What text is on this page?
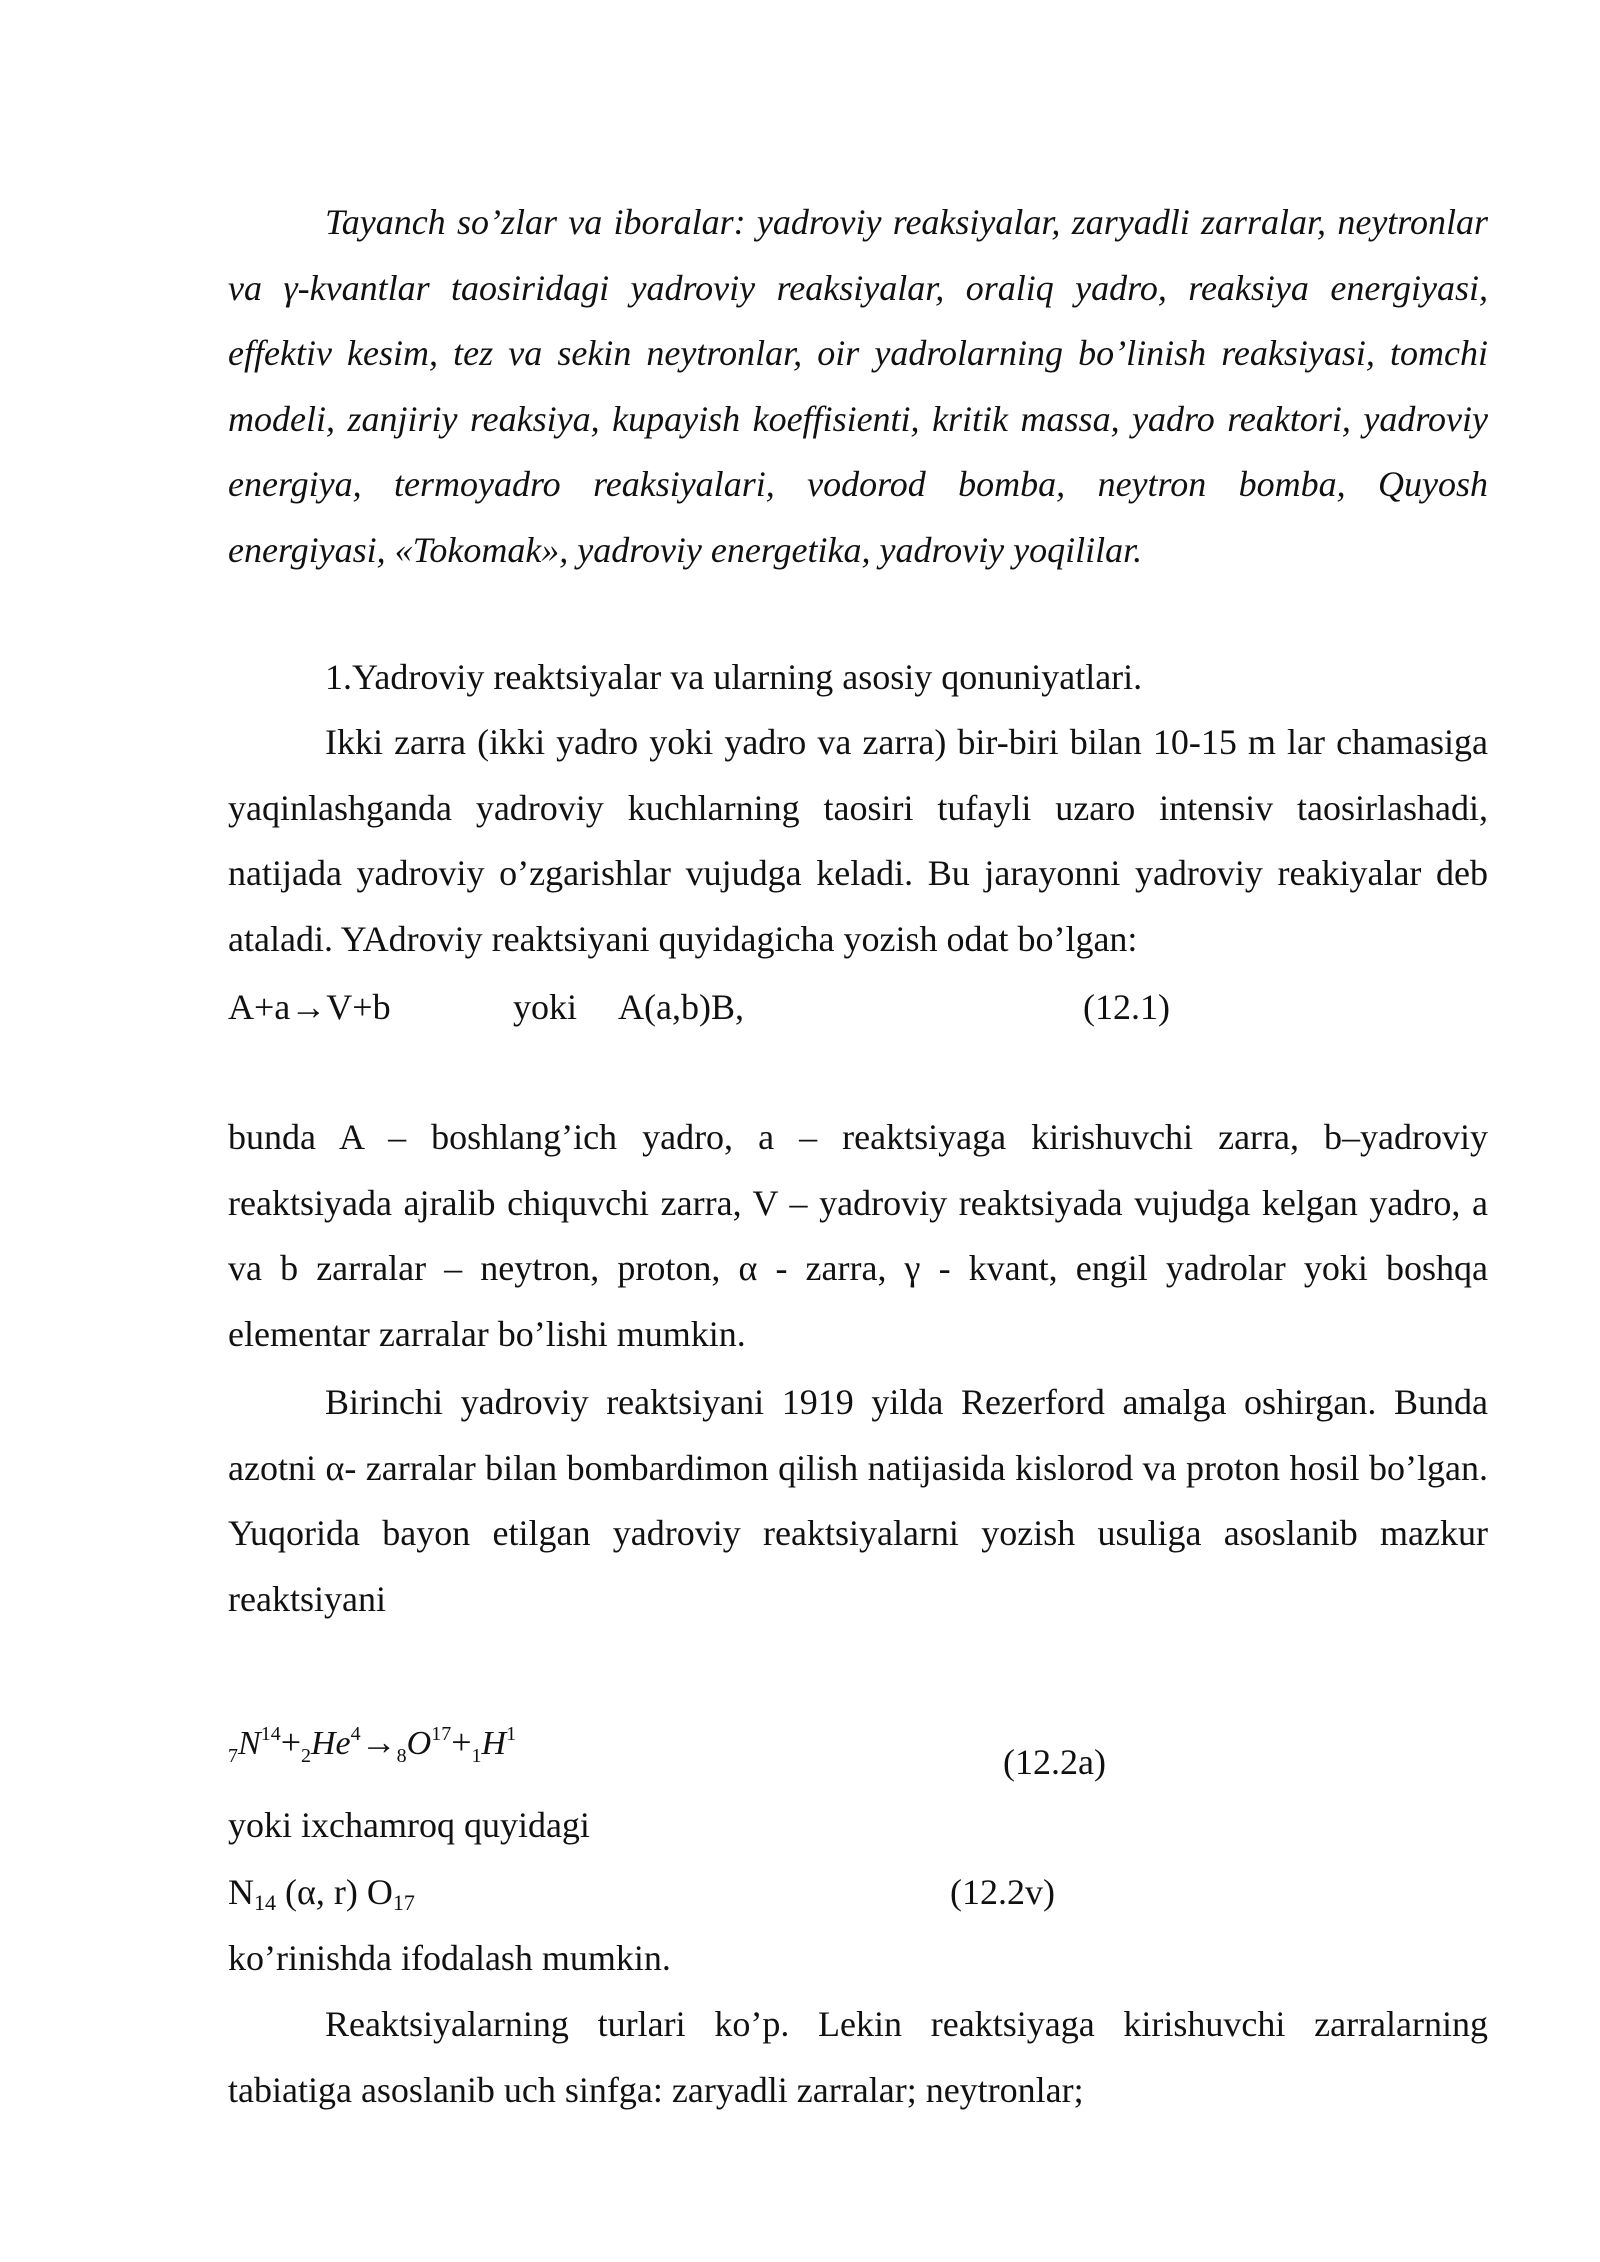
Tayanch so’zlar va iboralar: yadroviy reaksiyalar, zaryadli zarralar, neytronlar va γ-kvantlar taosiridagi yadroviy reaksiyalar, oraliq yadro, reaksiya energiyasi, effektiv kesim, tez va sekin neytronlar, oir yadrolarning bo’linish reaksiyasi, tomchi modeli, zanjiriy reaksiya, kupayish koeffisienti, kritik massa, yadro reaktori, yadroviy energiya, termoyadro reaksiyalari, vodorod bomba, neytron bomba, Quyosh energiyasi, «Tokomak», yadroviy energetika, yadroviy yoqililar.

1.Yadroviy reaktsiyalar va ularning asosiy qonuniyatlari.

Ikki zarra (ikki yadro yoki yadro va zarra) bir-biri bilan 10-15 m lar chamasiga yaqinlashganda yadroviy kuchlarning taosiri tufayli uzaro intensiv taosirlashadi, natijada yadroviy o’zgarishlar vujudga keladi. Bu jarayonni yadroviy reakiyalar deb ataladi. YAdroviy reaktsiyani quyidagicha yozish odat bo’lgan:

A+a→V+b	yoki A(a,b)B,	(12.1)

bunda A – boshlang’ich yadro, a – reaktsiyaga kirishuvchi zarra, b–yadroviy reaktsiyada ajralib chiquvchi zarra, V – yadroviy reaktsiyada vujudga kelgan yadro, a va b zarralar – neytron, proton, α - zarra, γ - kvant, engil yadrolar yoki boshqa elementar zarralar bo’lishi mumkin.

Birinchi yadroviy reaktsiyani 1919 yilda Rezerford amalga oshirgan. Bunda azotni α- zarralar bilan bombardimon qilish natijasida kislorod va proton hosil bo’lgan. Yuqorida bayon etilgan yadroviy reaktsiyalarni yozish usuliga asoslanib mazkur reaktsiyani

$_7N^{14}+_2He^4\to_8O^{17}+_1H^1$
(12.2a)
yoki ixchamroq quyidagi
N14 (α, r) O17	(12.2v)
ko’rinishda ifodalash mumkin.

Reaktsiyalarning turlari ko’p. Lekin reaktsiyaga kirishuvchi zarralarning tabiatiga asoslanib uch sinfga: zaryadli zarralar; neytronlar;
